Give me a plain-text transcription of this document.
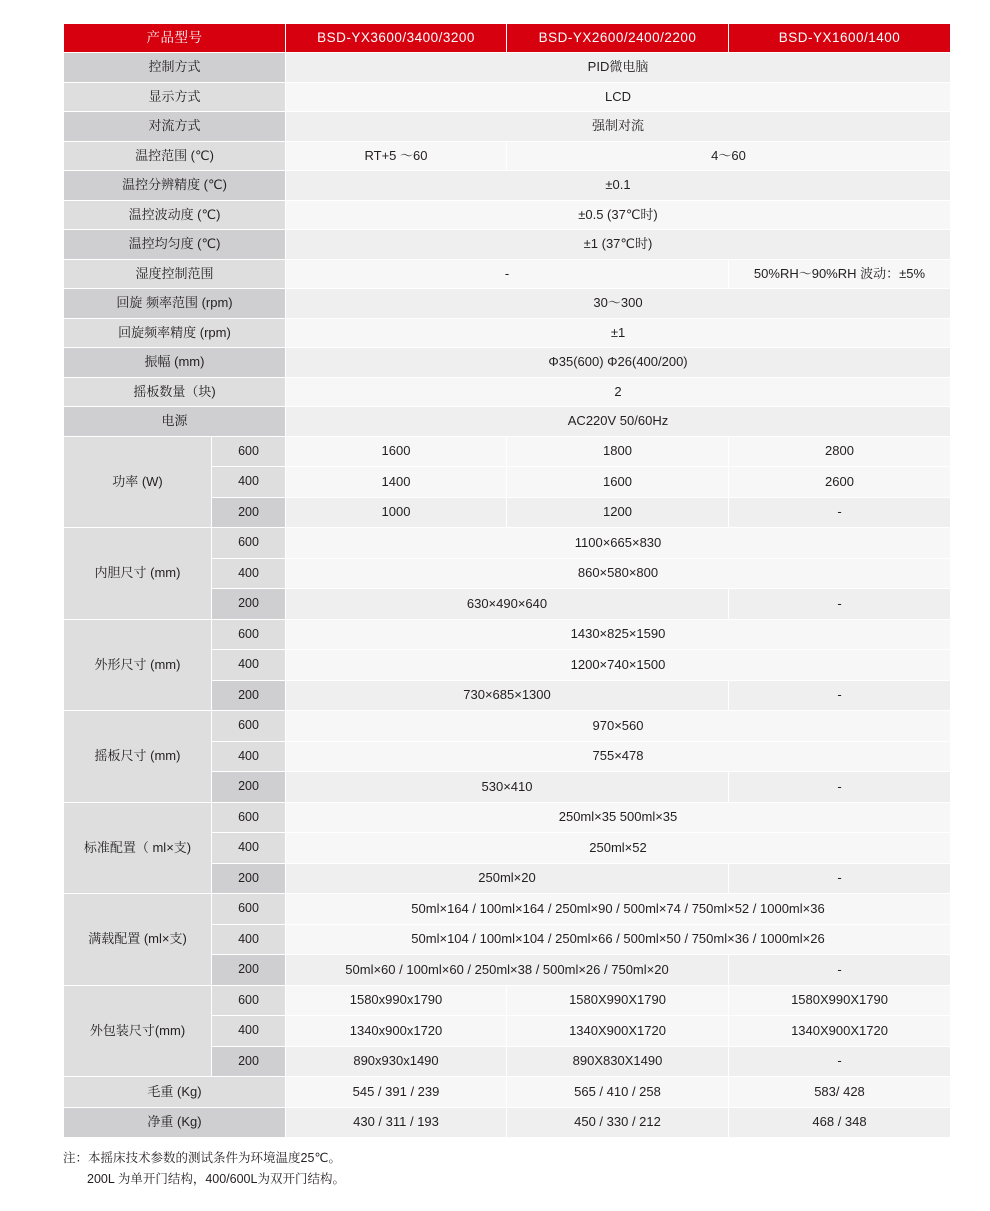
产品型号		BSD-YX3600/3400/3200	BSD-YX2600/2400/2200	BSD-YX1600/1400
控制方式		PID微电脑		
显示方式		LCD		
对流方式		强制对流		
温控范围 (℃)		RT+5 ～60	4～60	
温控分辨精度 (℃)		±0.1		
温控波动度 (℃)		±0.5 (37℃时)		
温控均匀度 (℃)		±1 (37℃时)		
湿度控制范围		-		50%RH～90%RH 波动：±5%
回旋 频率范围 (rpm)		30～300		
回旋频率精度 (rpm)		±1		
振幅 (mm)		Φ35(600) Φ26(400/200)		
摇板数量（块)		2		
电源		AC220V 50/60Hz		
功率 (W)	600	1600	1800	2800
	400	1400	1600	2600
	200	1000	1200	-
内胆尺寸 (mm)	600	1100×665×830		
	400	860×580×800		
	200	630×490×640		-
外形尺寸 (mm)	600	1430×825×1590		
	400	1200×740×1500		
	200	730×685×1300		-
摇板尺寸 (mm)	600	970×560		
	400	755×478		
	200	530×410		-
标准配置（ ml×支)	600	250ml×35 500ml×35		
	400	250ml×52		
	200	250ml×20		-
满载配置 (ml×支)	600	50ml×164 / 100ml×164 / 250ml×90 / 500ml×74 / 750ml×52 / 1000ml×36		
	400	50ml×104 / 100ml×104 / 250ml×66 / 500ml×50 / 750ml×36 / 1000ml×26		
	200	50ml×60 / 100ml×60 / 250ml×38 / 500ml×26 / 750ml×20		-
外包装尺寸(mm)	600	1580x990x1790	1580X990X1790	1580X990X1790
	400	1340x900x1720	1340X900X1720	1340X900X1720
	200	890x930x1490	890X830X1490	-
毛重 (Kg)		545 / 391 / 239	565 / 410 / 258	583/ 428
净重 (Kg)		430 / 311 / 193	450 / 330 / 212	468 / 348
注：本摇床技术参数的测试条件为环境温度25℃。
200L 为单开门结构，400/600L为双开门结构。
